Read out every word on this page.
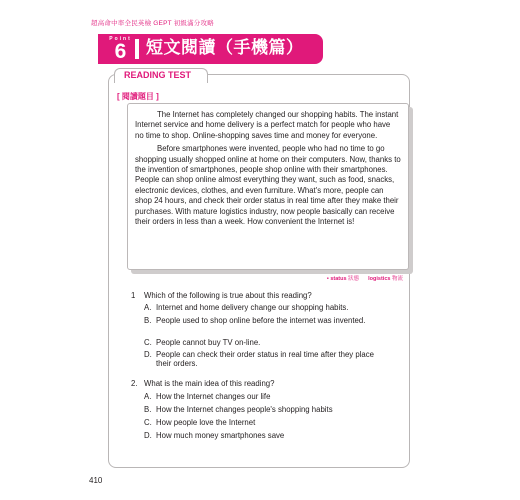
超高命中率全民英檢 GEPT 初級滿分攻略
Point
6	短文閱讀（手機篇）
READING TEST
[ 閱讀題目 ]

The Internet has completely changed our shopping habits. The instant Internet service and home delivery is a perfect match for people who have no time to shop. Online-shopping saves time and money for everyone.

Before smartphones were invented, people who had no time to go shopping usually shopped online at home on their computers. Now, thanks to the invention of smartphones, people shop online with their smartphones. People can shop online almost everything they want, such as food, snacks, electronic devices, clothes, and even furniture. What's more, people can shop 24 hours, and check their order status in real time after they make their purchases. With mature logistics industry, now people basically can receive their orders in less than a week. How convenient the Internet is!

• status 狀態 logistics 物流
1 Which of the following is true about this reading?
A. Internet and home delivery change our shopping habits.
B. People used to shop online before the internet was invented.
C. People cannot buy TV on-line.
D. People can check their order status in real time after they place their orders.
2. What is the main idea of this reading?
A. How the Internet changes our life
B. How the Internet changes people's shopping habits
C. How people love the Internet
D. How much money smartphones save
410
